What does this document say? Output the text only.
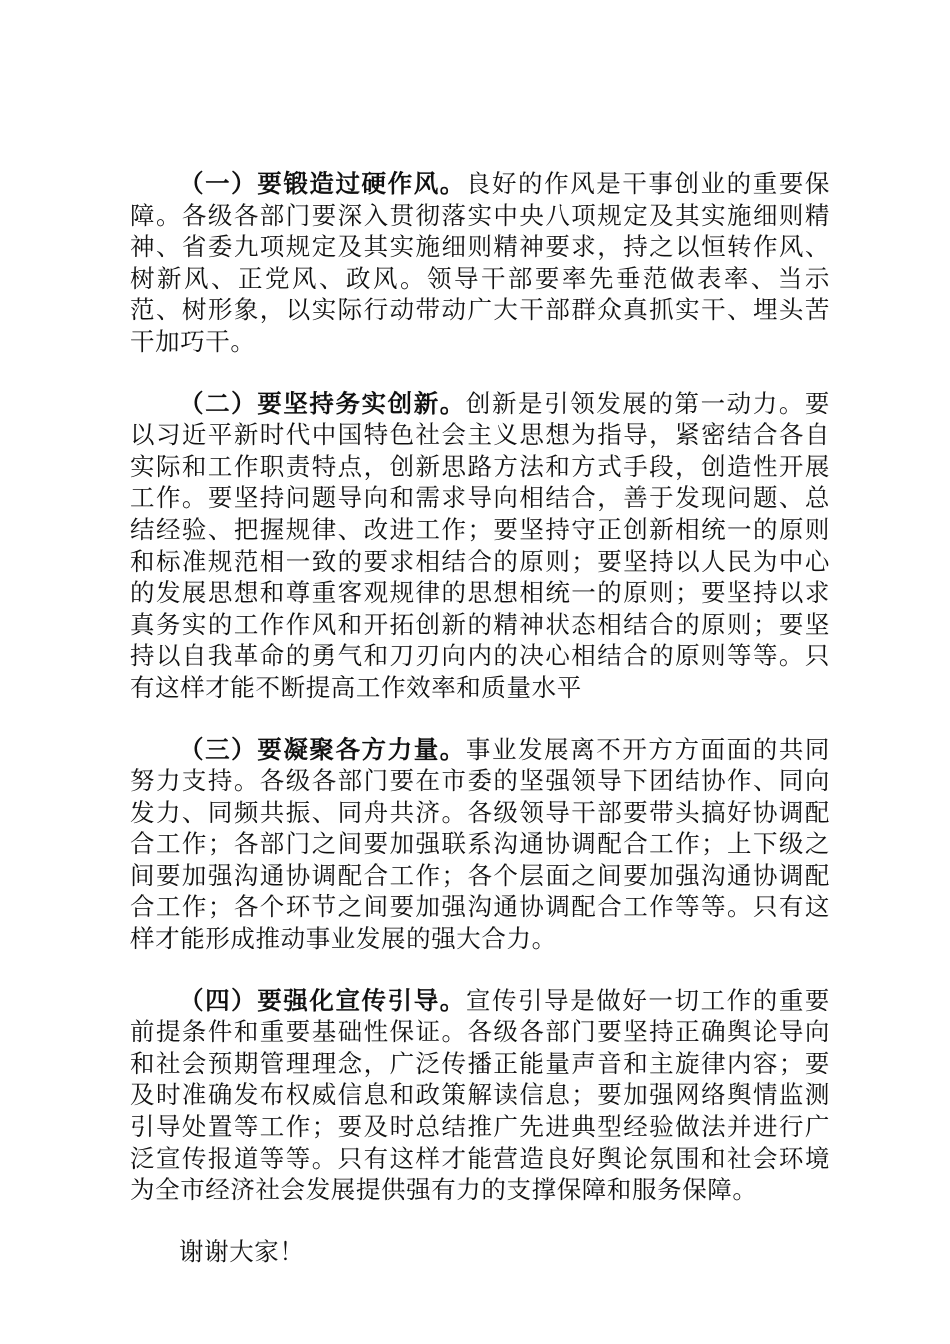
（一）要锻造过硬作风。良好的作风是干事创业的重要保障。各级各部门要深入贯彻落实中央八项规定及其实施细则精神、省委九项规定及其实施细则精神要求，持之以恒转作风、树新风、正党风、政风。领导干部要率先垂范做表率、当示范、树形象，以实际行动带动广大干部群众真抓实干、埋头苦干加巧干。

（二）要坚持务实创新。创新是引领发展的第一动力。要以习近平新时代中国特色社会主义思想为指导，紧密结合各自实际和工作职责特点，创新思路方法和方式手段，创造性开展工作。要坚持问题导向和需求导向相结合，善于发现问题、总结经验、把握规律、改进工作；要坚持守正创新相统一的原则和标准规范相一致的要求相结合的原则；要坚持以人民为中心的发展思想和尊重客观规律的思想相统一的原则；要坚持以求真务实的工作作风和开拓创新的精神状态相结合的原则；要坚持以自我革命的勇气和刀刃向内的决心相结合的原则等等。只有这样才能不断提高工作效率和质量水平

（三）要凝聚各方力量。事业发展离不开方方面面的共同努力支持。各级各部门要在市委的坚强领导下团结协作、同向发力、同频共振、同舟共济。各级领导干部要带头搞好协调配合工作；各部门之间要加强联系沟通协调配合工作；上下级之间要加强沟通协调配合工作；各个层面之间要加强沟通协调配合工作；各个环节之间要加强沟通协调配合工作等等。只有这样才能形成推动事业发展的强大合力。

（四）要强化宣传引导。宣传引导是做好一切工作的重要前提条件和重要基础性保证。各级各部门要坚持正确舆论导向和社会预期管理理念，广泛传播正能量声音和主旋律内容；要及时准确发布权威信息和政策解读信息；要加强网络舆情监测引导处置等工作；要及时总结推广先进典型经验做法并进行广泛宣传报道等等。只有这样才能营造良好舆论氛围和社会环境为全市经济社会发展提供强有力的支撑保障和服务保障。

谢谢大家！
